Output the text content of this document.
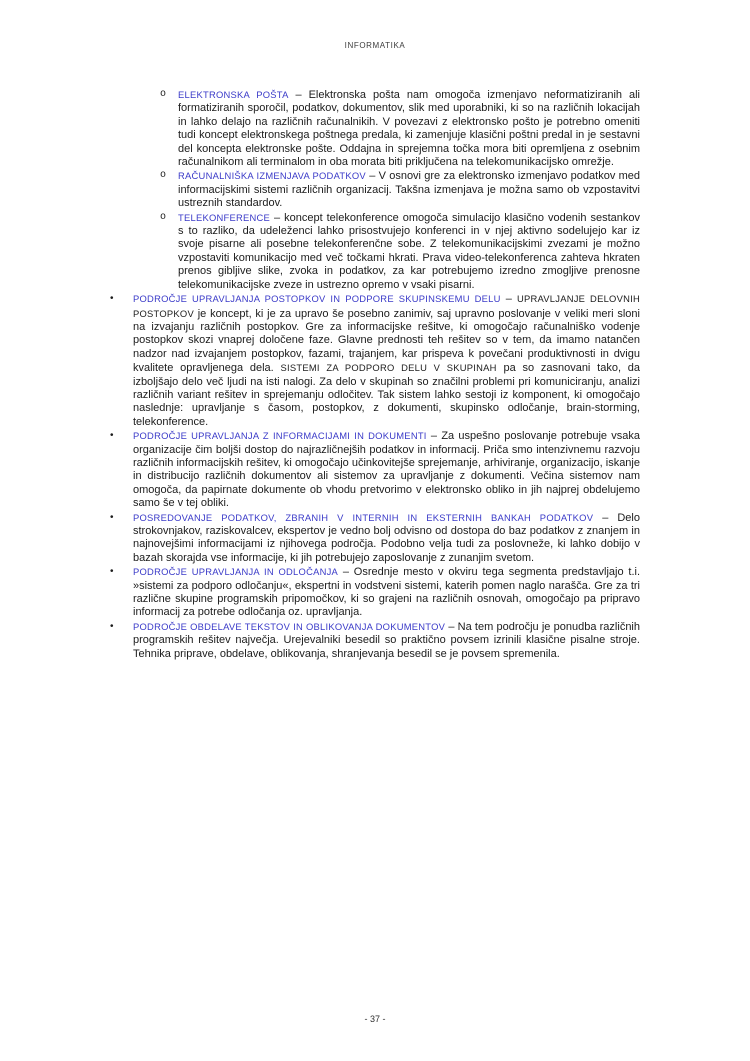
INFORMATIKA
o	ELEKTRONSKA POŠTA – Elektronska pošta nam omogoča izmenjavo neformatiziranih ali formatiziranih sporočil, podatkov, dokumentov, slik med uporabniki, ki so na različnih lokacijah in lahko delajo na različnih računalnikih. V povezavi z elektronsko pošto je potrebno omeniti tudi koncept elektronskega poštnega predala, ki zamenjuje klasični poštni predal in je sestavni del koncepta elektronske pošte. Oddajna in sprejemna točka mora biti opremljena z osebnim računalnikom ali terminalom in oba morata biti priključena na telekomunikacijsko omrežje.
o	RAČUNALNIŠKA IZMENJAVA PODATKOV – V osnovi gre za elektronsko izmenjavo podatkov med informacijskimi sistemi različnih organizacij. Takšna izmenjava je možna samo ob vzpostavitvi ustreznih standardov.
o	TELEKONFERENCE – koncept telekonference omogoča simulacijo klasično vodenih sestankov s to razliko, da udeleženci lahko prisostvujejo konferenci in v njej aktivno sodelujejo kar iz svoje pisarne ali posebne telekonferenčne sobe. Z telekomunikacijskimi zvezami je možno vzpostaviti komunikacijo med več točkami hkrati. Prava video-telekonferenca zahteva hkraten prenos gibljive slike, zvoka in podatkov, za kar potrebujemo izredno zmogljive prenosne telekomunikacijske zveze in ustrezno opremo v vsaki pisarni.
•	PODROČJE UPRAVLJANJA POSTOPKOV IN PODPORE SKUPINSKEMU DELU – UPRAVLJANJE DELOVNIH POSTOPKOV je koncept, ki je za upravo še posebno zanimiv, saj upravno poslovanje v veliki meri sloni na izvajanju različnih postopkov. Gre za informacijske rešitve, ki omogočajo računalniško vodenje postopkov skozi vnaprej določene faze. Glavne prednosti teh rešitev so v tem, da imamo natančen nadzor nad izvajanjem postopkov, fazami, trajanjem, kar prispeva k povečani produktivnosti in dvigu kvalitete opravljenega dela. SISTEMI ZA PODPORO DELU V SKUPINAH pa so zasnovani tako, da izboljšajo delo več ljudi na isti nalogi. Za delo v skupinah so značilni problemi pri komuniciranju, analizi različnih variant rešitev in sprejemanju odločitev. Tak sistem lahko sestoji iz komponent, ki omogočajo naslednje: upravljanje s časom, postopkov, z dokumenti, skupinsko odločanje, brain-storming, telekonference.
•	PODROČJE UPRAVLJANJA Z INFORMACIJAMI IN DOKUMENTI – Za uspešno poslovanje potrebuje vsaka organizacije čim boljši dostop do najrazličnejših podatkov in informacij. Priča smo intenzivnemu razvoju različnih informacijskih rešitev, ki omogočajo učinkovitejše sprejemanje, arhiviranje, organizacijo, iskanje in distribucijo različnih dokumentov ali sistemov za upravljanje z dokumenti. Večina sistemov nam omogoča, da papirnate dokumente ob vhodu pretvorimo v elektronsko obliko in jih najprej obdelujemo samo še v tej obliki.
•	POSREDOVANJE PODATKOV, ZBRANIH V INTERNIH IN EKSTERNIH BANKAH PODATKOV – Delo strokovnjakov, raziskovalcev, ekspertov je vedno bolj odvisno od dostopa do baz podatkov z znanjem in najnovejšimi informacijami iz njihovega področja. Podobno velja tudi za poslovneže, ki lahko dobijo v bazah skorajda vse informacije, ki jih potrebujejo zaposlovanje z zunanjim svetom.
•	PODROČJE UPRAVLJANJA IN ODLOČANJA – Osrednje mesto v okviru tega segmenta predstavljajo t.i. »sistemi za podporo odločanju«, ekspertni in vodstveni sistemi, katerih pomen naglo narašča. Gre za tri različne skupine programskih pripomočkov, ki so grajeni na različnih osnovah, omogočajo pa pripravo informacij za potrebe odločanja oz. upravljanja.
•	PODROČJE OBDELAVE TEKSTOV IN OBLIKOVANJA DOKUMENTOV – Na tem področju je ponudba različnih programskih rešitev največja. Urejevalniki besedil so praktično povsem izrinili klasične pisalne stroje. Tehnika priprave, obdelave, oblikovanja, shranjevanja besedil se je povsem spremenila.
- 37 -
